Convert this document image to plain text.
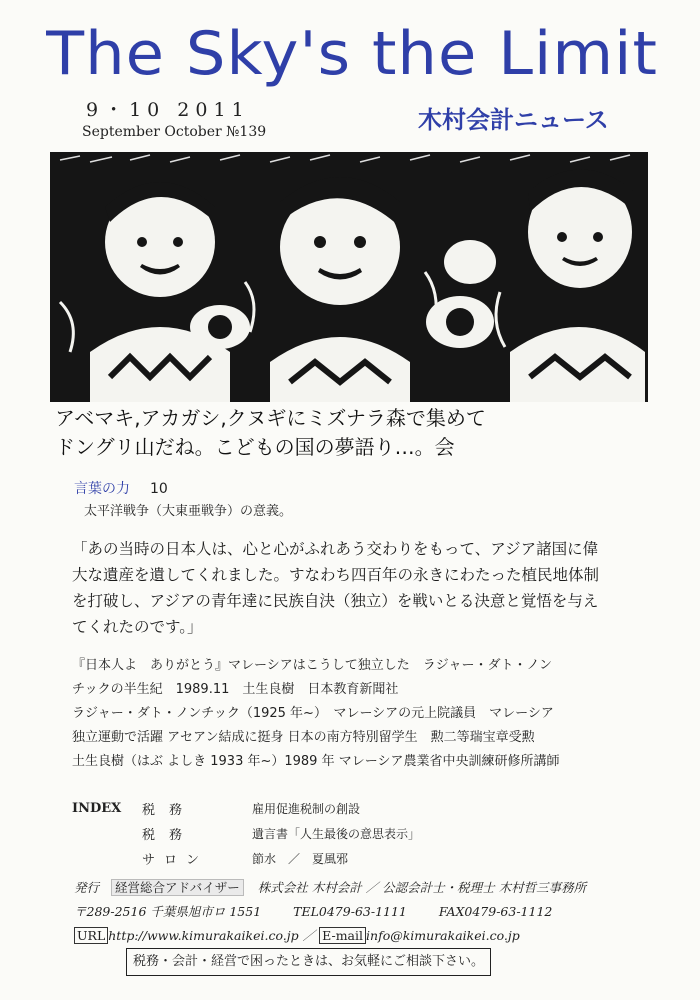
The Sky's the Limit
9・10 2011
September October №139	木村会計ニュース
アベマキ,アカガシ,クヌギにミズナラ森で集めて
ドングリ山だね。こどもの国の夢語り…。会
言葉の力 10
太平洋戦争（大東亜戦争）の意義。
「あの当時の日本人は、心と心がふれあう交わりをもって、アジア諸国に偉
大な遺産を遺してくれました。すなわち四百年の永きにわたった植民地体制
を打破し、アジアの青年達に民族自決（独立）を戦いとる決意と覚悟を与え
てくれたのです。」
『日本人よ　ありがとう』マレーシアはこうして独立した　ラジャー・ダト・ノン
チックの半生紀　1989.11　土生良樹　日本教育新聞社
ラジャー・ダト・ノンチック（1925 年~）　マレーシアの元上院議員　マレーシア
独立運動で活躍 アセアン結成に挺身 日本の南方特別留学生　勲二等瑞宝章受勲
土生良樹（はぶ よしき 1933 年~）1989 年 マレーシア農業省中央訓練研修所講師
INDEX	税務	雇用促進税制の創設
税務	遺言書「人生最後の意思表示」
サロン	節水　／　夏風邪
発行 経営総合アドバイザー 株式会社 木村会計 ／ 公認会計士・税理士 木村哲三事務所
〒289-2516 千葉県旭市ロ 1551	TEL0479-63-1111	FAX0479-63-1112
URL http://www.kimurakaikei.co.jp ／ E-mail info@kimurakaikei.co.jp
税務・会計・経営で困ったときは、お気軽にご相談下さい。
